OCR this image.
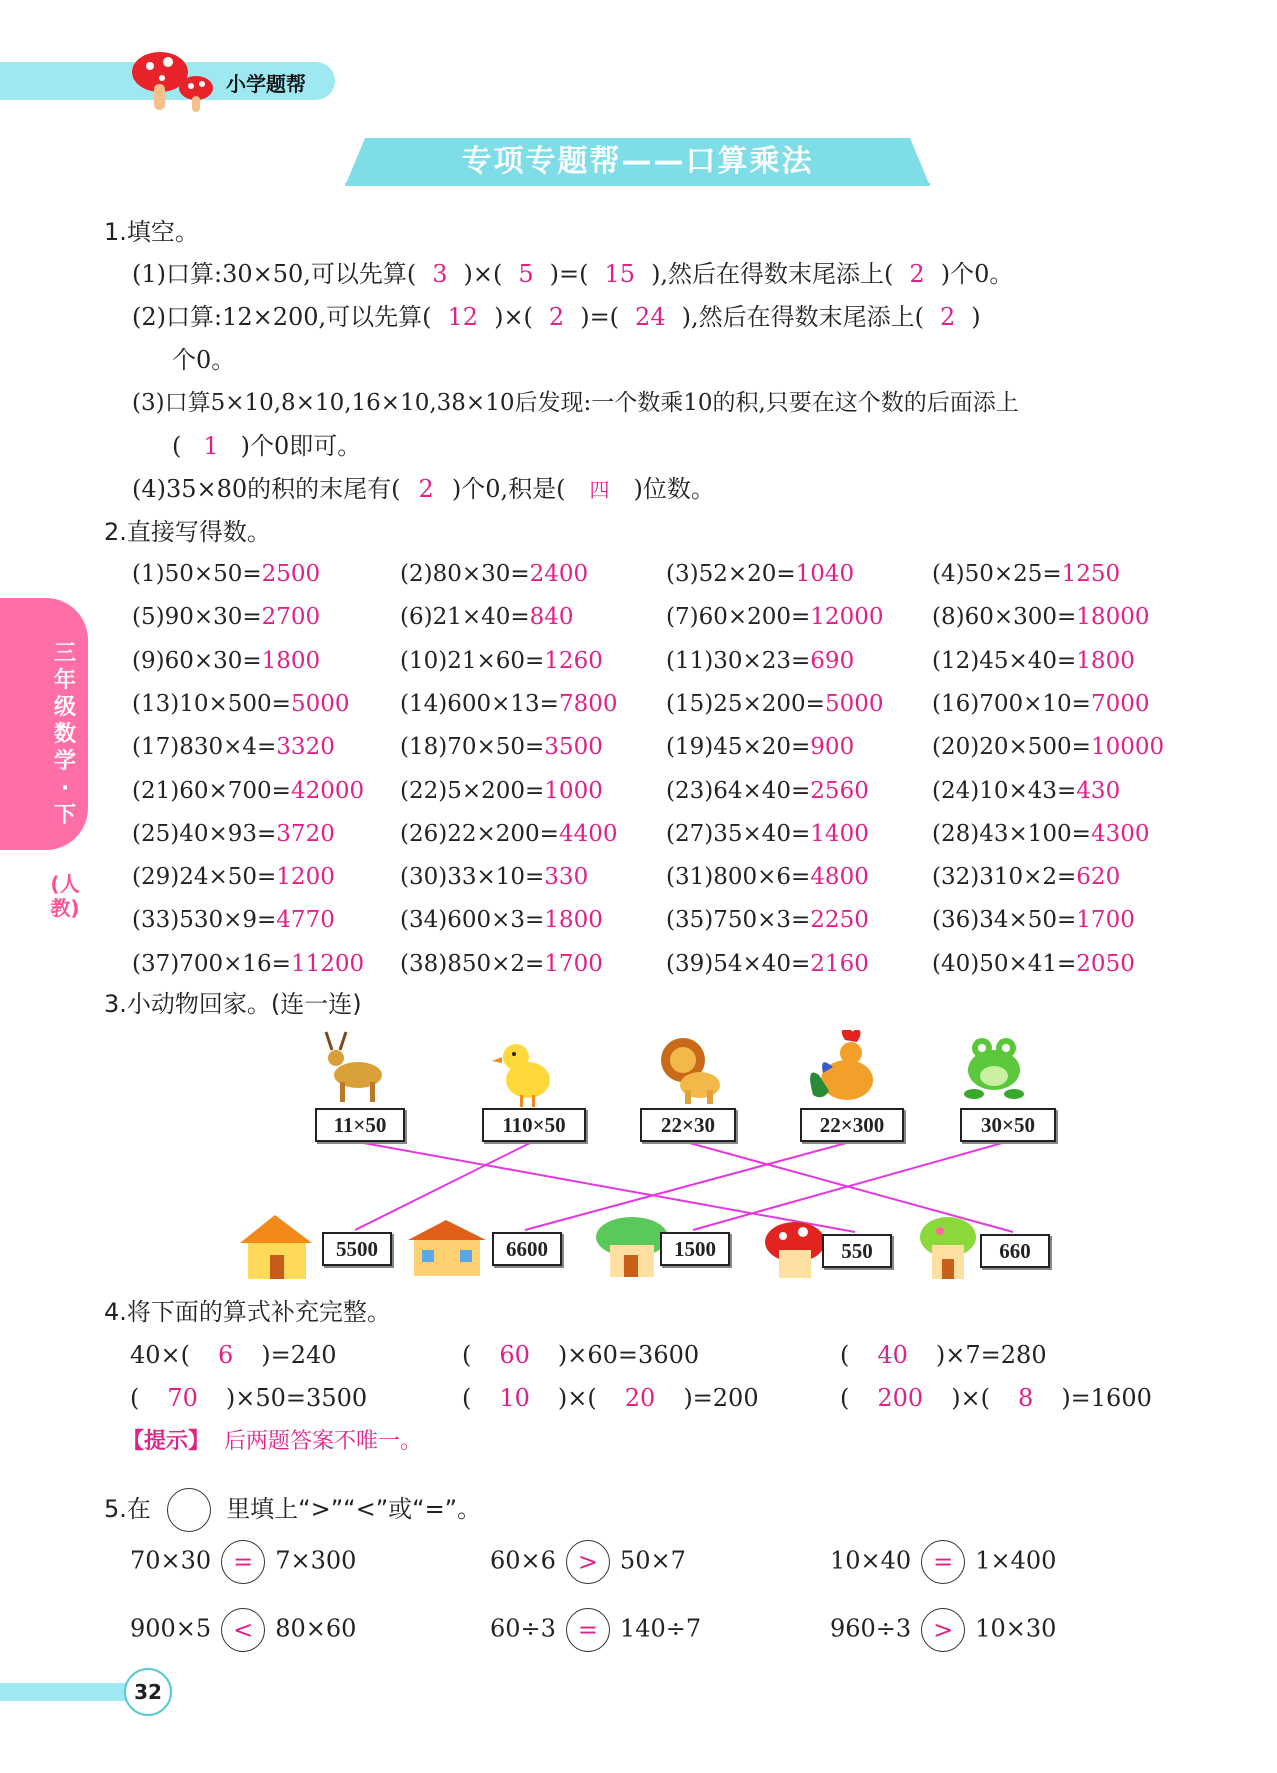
小学题帮
专项专题帮——口算乘法
三年级数学·下
(人教)
1.填空。
(1)口算:30×50,可以先算( 3 )×( 5 )=( 15 ),然后在得数末尾添上( 2 )个0。
(2)口算:12×200,可以先算( 12 )×( 2 )=( 24 ),然后在得数末尾添上( 2 )
个0。
(3)口算5×10,8×10,16×10,38×10后发现:一个数乘10的积,只要在这个数的后面添上
( 1 )个0即可。
(4)35×80的积的末尾有( 2 )个0,积是( 四 )位数。
2.直接写得数。
(1)50×50=2500	(2)80×30=2400	(3)52×20=1040	(4)50×25=1250
(5)90×30=2700	(6)21×40=840	(7)60×200=12000 (8)60×300=18000
(9)60×30=1800	(10)21×60=1260	(11)30×23=690	(12)45×40=1800
(13)10×500=5000 (14)600×13=7800 (15)25×200=5000 (16)700×10=7000
(17)830×4=3320	(18)70×50=3500	(19)45×20=900	(20)20×500=10000
(21)60×700=42000 (22)5×200=1000	(23)64×40=2560	(24)10×43=430
(25)40×93=3720	(26)22×200=4400 (27)35×40=1400	(28)43×100=4300
(29)24×50=1200	(30)33×10=330	(31)800×6=4800	(32)310×2=620
(33)530×9=4770	(34)600×3=1800	(35)750×3=2250	(36)34×50=1700
(37)700×16=11200 (38)850×2=1700	(39)54×40=2160	(40)50×41=2050
3.小动物回家。(连一连)
11×50	110×50	22×30	22×300	30×50
5500	6600	1500	550	660
4.将下面的算式补充完整。
40×( 6 )=240	( 60 )×60=3600	( 40 )×7=280
( 70 )×50=3500	( 10 )×( 20 )=200	( 200 )×( 8 )=1600
【提示】 后两题答案不唯一。
5.在	里填上“>”“<”或“=”。
70×30 = 7×300	60×6 > 50×7	10×40 = 1×400
900×5 < 80×60	60÷3 = 140÷7	960÷3 > 10×30
32
